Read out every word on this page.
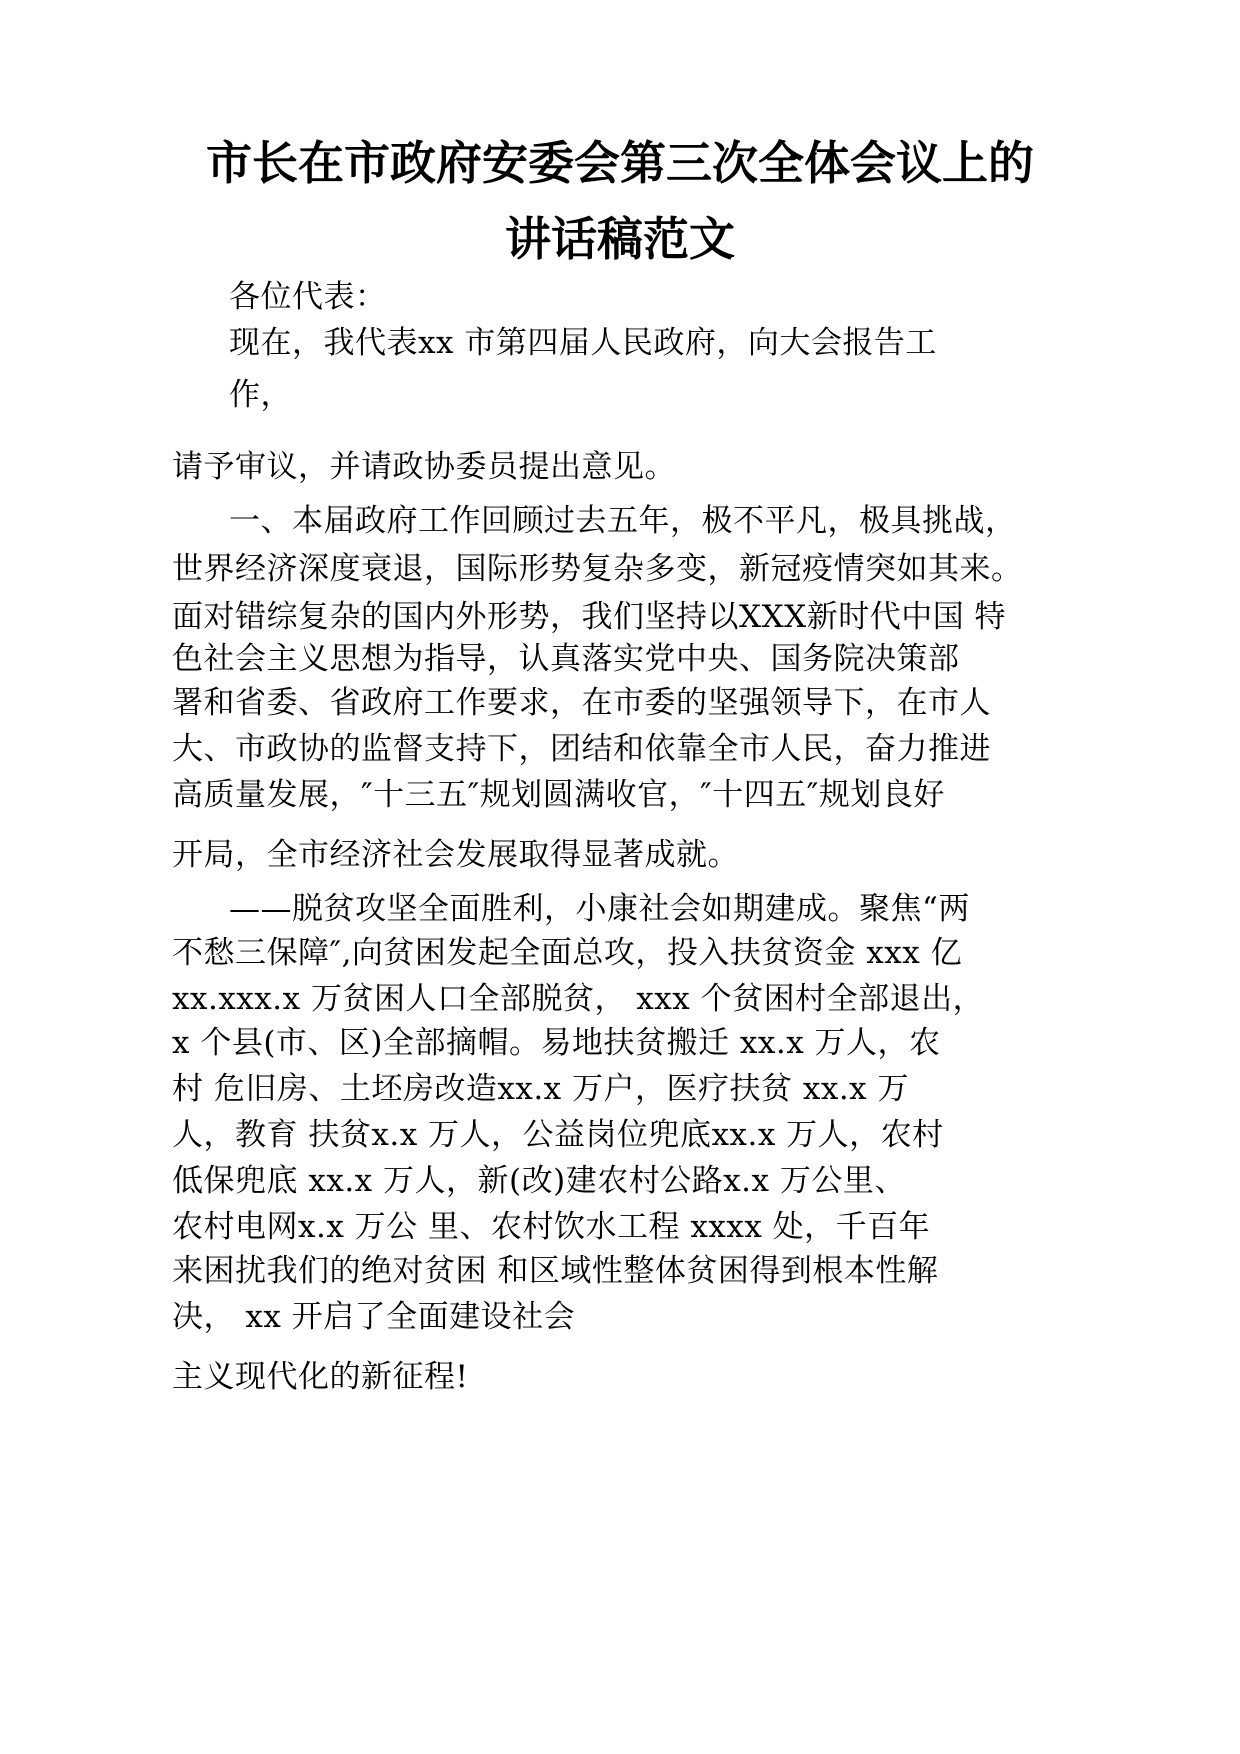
市长在市政府安委会第三次全体会议上的
讲话稿范文
各位代表：
现在，我代表xx 市第四届人民政府，向大会报告工
作，
请予审议，并请政协委员提出意见。
一、本届政府工作回顾过去五年，极不平凡，极具挑战，
世界经济深度衰退，国际形势复杂多变，新冠疫情突如其来。
面对错综复杂的国内外形势，我们坚持以XXX新时代中国 特
色社会主义思想为指导，认真落实党中央、国务院决策部
署和省委、省政府工作要求，在市委的坚强领导下，在市人
大、市政协的监督支持下，团结和依靠全市人民，奋力推进
高质量发展，″十三五″规划圆满收官，″十四五″规划良好
开局，全市经济社会发展取得显著成就。
——脱贫攻坚全面胜利，小康社会如期建成。聚焦“两
不愁三保障″,向贫困发起全面总攻，投入扶贫资金 xxx 亿
xx.xxx.x 万贫困人口全部脱贫， xxx 个贫困村全部退出，
x 个县(市、区)全部摘帽。易地扶贫搬迁 xx.x 万人，农
村 危旧房、土坯房改造xx.x 万户，医疗扶贫 xx.x 万
人，教育 扶贫x.x 万人，公益岗位兜底xx.x 万人，农村
低保兜底 xx.x 万人，新(改)建农村公路x.x 万公里、
农村电网x.x 万公 里、农村饮水工程 xxxx 处，千百年
来困扰我们的绝对贫困 和区域性整体贫困得到根本性解
决， xx 开启了全面建设社会
主义现代化的新征程!
